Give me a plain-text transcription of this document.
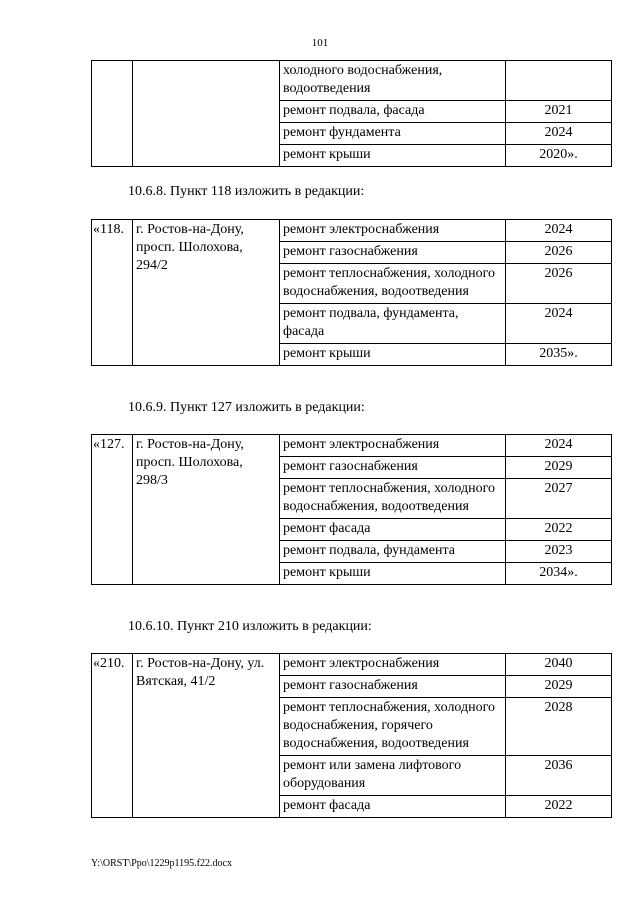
101
		холодного водоснабжения, водоотведения	
		ремонт подвала, фасада	2021
		ремонт фундамента	2024
		ремонт крыши	2020».
10.6.8. Пункт 118 изложить в редакции:
«118.	г. Ростов-на-Дону, просп. Шолохова, 294/2	ремонт электроснабжения	2024
		ремонт газоснабжения	2026
		ремонт теплоснабжения, холодного водоснабжения, водоотведения	2026
		ремонт подвала, фундамента, фасада	2024
		ремонт крыши	2035».
10.6.9. Пункт 127 изложить в редакции:
«127.	г. Ростов-на-Дону, просп. Шолохова, 298/3	ремонт электроснабжения	2024
		ремонт газоснабжения	2029
		ремонт теплоснабжения, холодного водоснабжения, водоотведения	2027
		ремонт фасада	2022
		ремонт подвала, фундамента	2023
		ремонт крыши	2034».
10.6.10. Пункт 210 изложить в редакции:
«210.	г. Ростов-на-Дону, ул. Вятская, 41/2	ремонт электроснабжения	2040
		ремонт газоснабжения	2029
		ремонт теплоснабжения, холодного водоснабжения, горячего водоснабжения, водоотведения	2028
		ремонт или замена лифтового оборудования	2036
		ремонт фасада	2022
Y:\ORST\Ppo\1229p1195.f22.docx
